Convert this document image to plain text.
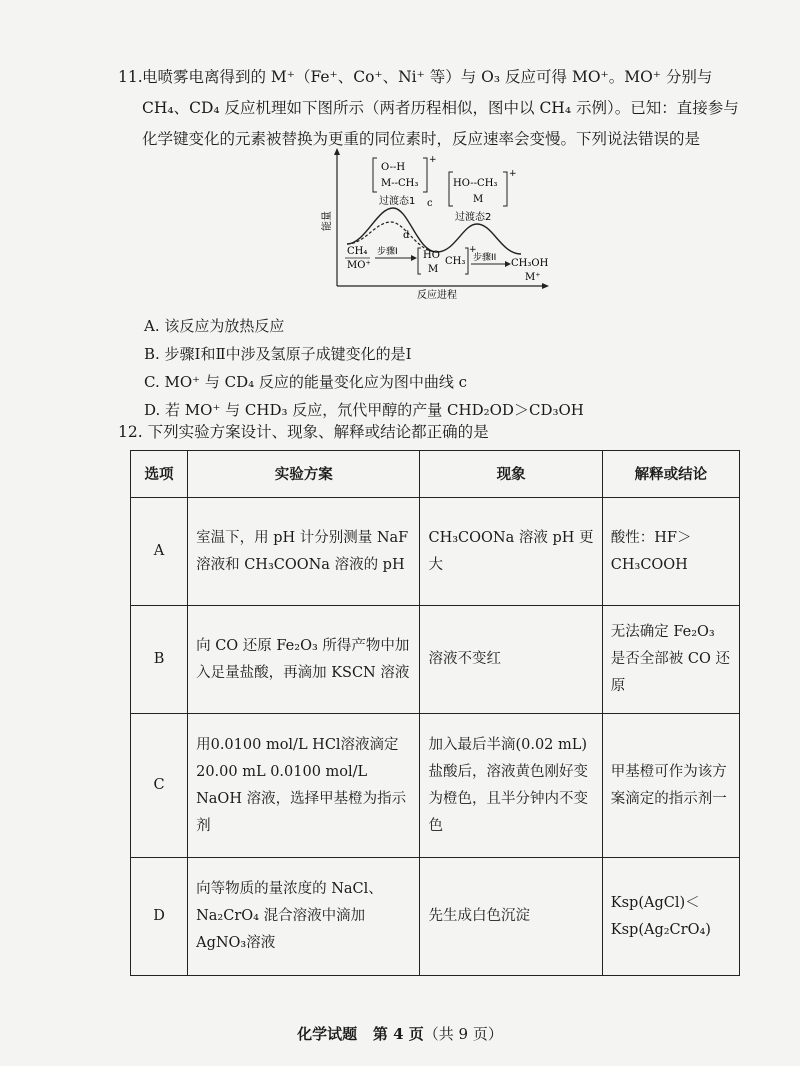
11.电喷雾电离得到的 M⁺（Fe⁺、Co⁺、Ni⁺ 等）与 O₃ 反应可得 MO⁺。MO⁺ 分别与
CH₄、CD₄ 反应机理如下图所示（两者历程相似，图中以 CH₄ 示例）。已知：直接参与
化学键变化的元素被替换为更重的同位素时，反应速率会变慢。下列说法错误的是
能量
反应进程
c
d
+
O--H
M--CH₃
过渡态1
+
HO--CH₃
M
过渡态2
CH₄
MO⁺
步骤I	+
HO
M
CH₃ 步骤II CH₃OH
M⁺
A. 该反应为放热反应
B. 步骤Ⅰ和Ⅱ中涉及氢原子成键变化的是Ⅰ
C. MO⁺ 与 CD₄ 反应的能量变化应为图中曲线 c
D. 若 MO⁺ 与 CHD₃ 反应，氘代甲醇的产量 CHD₂OD＞CD₃OH
12. 下列实验方案设计、现象、解释或结论都正确的是
选项	实验方案	现象	解释或结论
A	室温下，用 pH 计分别测量 NaF 溶液和 CH₃COONa 溶液的 pH	CH₃COONa 溶液 pH 更大	酸性：HF＞CH₃COOH
B	向 CO 还原 Fe₂O₃ 所得产物中加入足量盐酸，再滴加 KSCN 溶液	溶液不变红	无法确定 Fe₂O₃ 是否全部被 CO 还原
C	用0.0100 mol/L HCl溶液滴定 20.00 mL 0.0100 mol/L NaOH 溶液，选择甲基橙为指示剂	加入最后半滴(0.02 mL)盐酸后，溶液黄色刚好变为橙色，且半分钟内不变色	甲基橙可作为该方案滴定的指示剂一
D	向等物质的量浓度的 NaCl、Na₂CrO₄ 混合溶液中滴加 AgNO₃溶液	先生成白色沉淀	Ksp(AgCl)＜Ksp(Ag₂CrO₄)
化学试题 第 4 页（共 9 页）
